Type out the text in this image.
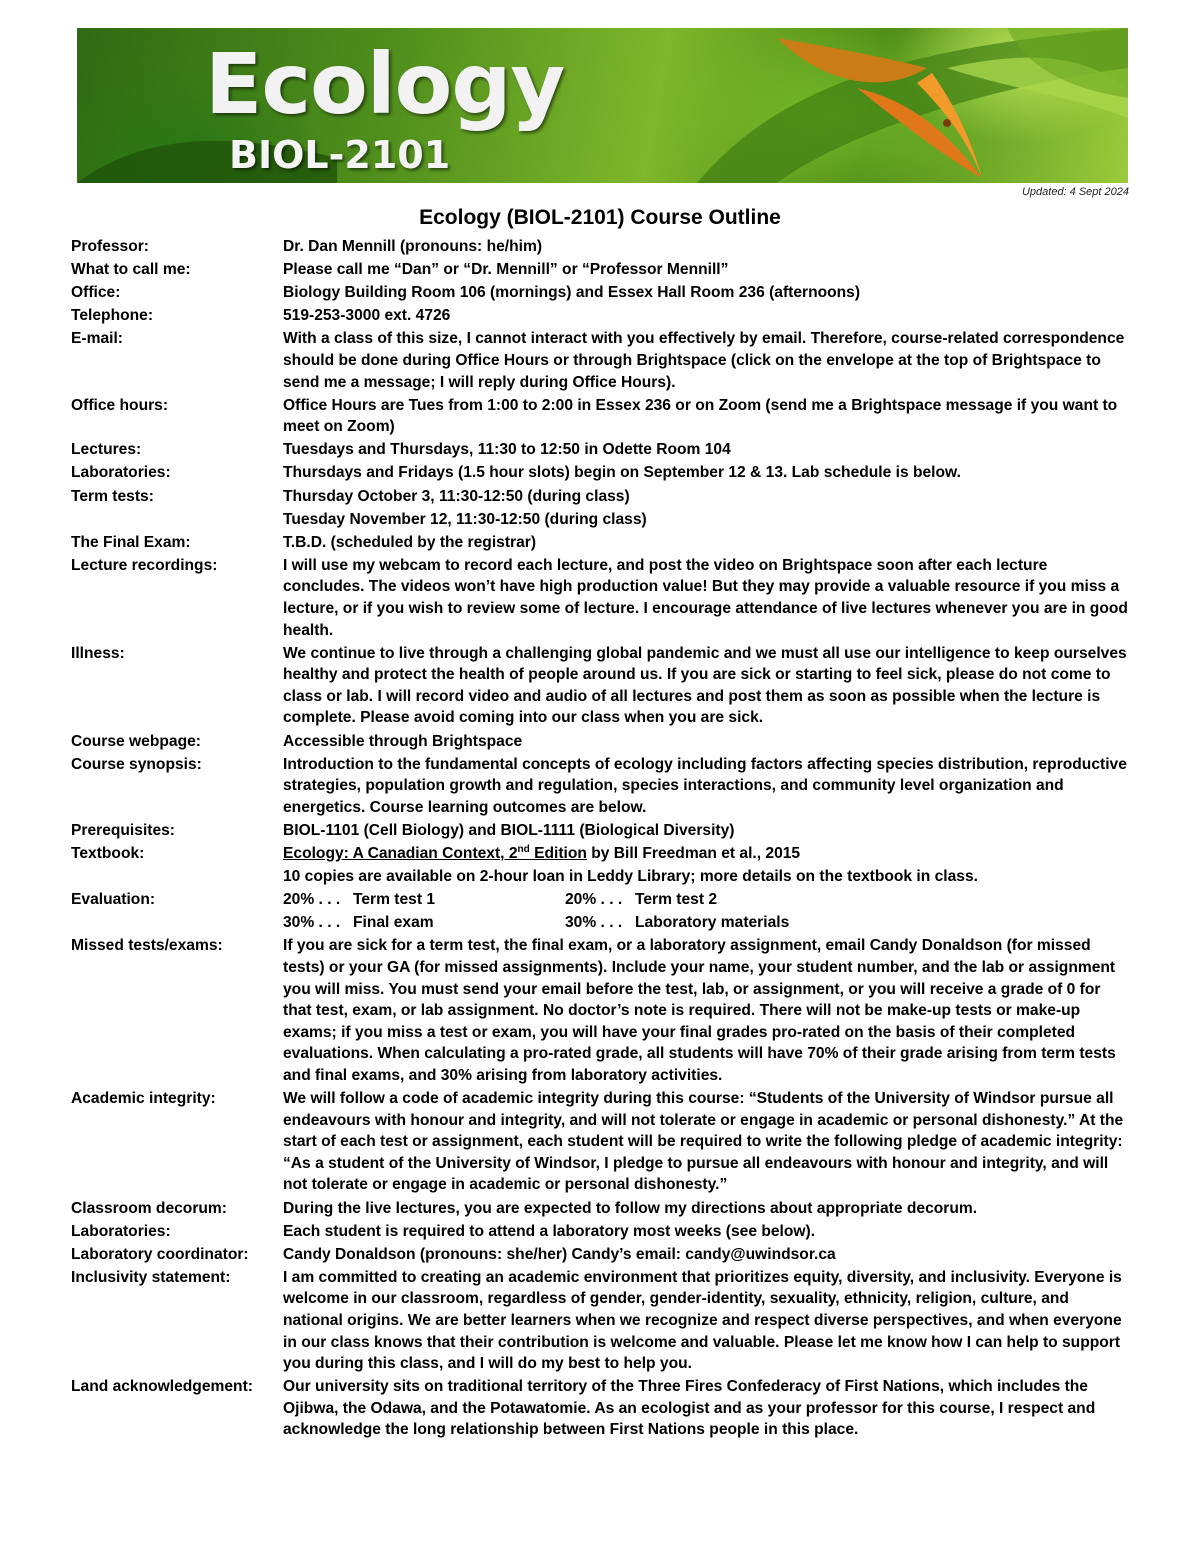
Ecology
BIOL-2101
Updated: 4 Sept 2024
Ecology (BIOL-2101) Course Outline
Professor:	Dr. Dan Mennill (pronouns: he/him)
What to call me:	Please call me “Dan” or “Dr. Mennill” or “Professor Mennill”
Office:	Biology Building Room 106 (mornings) and Essex Hall Room 236 (afternoons)
Telephone:	519-253-3000 ext. 4726
E-mail:	With a class of this size, I cannot interact with you effectively by email. Therefore, course-related correspondence should be done during Office Hours or through Brightspace (click on the envelope at the top of Brightspace to send me a message; I will reply during Office Hours).
Office hours:	Office Hours are Tues from 1:00 to 2:00 in Essex 236 or on Zoom (send me a Brightspace message if you want to meet on Zoom)
Lectures:	Tuesdays and Thursdays, 11:30 to 12:50 in Odette Room 104
Laboratories:	Thursdays and Fridays (1.5 hour slots) begin on September 12 & 13. Lab schedule is below.
Term tests:	Thursday October 3, 11:30-12:50 (during class)
Tuesday November 12, 11:30-12:50 (during class)
The Final Exam:	T.B.D. (scheduled by the registrar)
Lecture recordings:	I will use my webcam to record each lecture, and post the video on Brightspace soon after each lecture concludes. The videos won’t have high production value! But they may provide a valuable resource if you miss a lecture, or if you wish to review some of lecture. I encourage attendance of live lectures whenever you are in good health.
Illness:	We continue to live through a challenging global pandemic and we must all use our intelligence to keep ourselves healthy and protect the health of people around us. If you are sick or starting to feel sick, please do not come to class or lab. I will record video and audio of all lectures and post them as soon as possible when the lecture is complete. Please avoid coming into our class when you are sick.
Course webpage:	Accessible through Brightspace
Course synopsis:	Introduction to the fundamental concepts of ecology including factors affecting species distribution, reproductive strategies, population growth and regulation, species interactions, and community level organization and energetics. Course learning outcomes are below.
Prerequisites:	BIOL-1101 (Cell Biology) and BIOL-1111 (Biological Diversity)
Textbook:	Ecology: A Canadian Context, 2nd Edition by Bill Freedman et al., 2015
10 copies are available on 2-hour loan in Leddy Library; more details on the textbook in class.
Evaluation:	20% . . . Term test 1	20% . . . Term test 2
30% . . . Final exam	30% . . . Laboratory materials
Missed tests/exams:	If you are sick for a term test, the final exam, or a laboratory assignment, email Candy Donaldson (for missed tests) or your GA (for missed assignments). Include your name, your student number, and the lab or assignment you will miss. You must send your email before the test, lab, or assignment, or you will receive a grade of 0 for that test, exam, or lab assignment. No doctor’s note is required. There will not be make-up tests or make-up exams; if you miss a test or exam, you will have your final grades pro-rated on the basis of their completed evaluations. When calculating a pro-rated grade, all students will have 70% of their grade arising from term tests and final exams, and 30% arising from laboratory activities.
Academic integrity:	We will follow a code of academic integrity during this course: “Students of the University of Windsor pursue all endeavours with honour and integrity, and will not tolerate or engage in academic or personal dishonesty.” At the start of each test or assignment, each student will be required to write the following pledge of academic integrity: “As a student of the University of Windsor, I pledge to pursue all endeavours with honour and integrity, and will not tolerate or engage in academic or personal dishonesty.”
Classroom decorum:	During the live lectures, you are expected to follow my directions about appropriate decorum.
Laboratories:	Each student is required to attend a laboratory most weeks (see below).
Laboratory coordinator:	Candy Donaldson (pronouns: she/her) Candy’s email: candy@uwindsor.ca
Inclusivity statement:	I am committed to creating an academic environment that prioritizes equity, diversity, and inclusivity. Everyone is welcome in our classroom, regardless of gender, gender-identity, sexuality, ethnicity, religion, culture, and national origins. We are better learners when we recognize and respect diverse perspectives, and when everyone in our class knows that their contribution is welcome and valuable. Please let me know how I can help to support you during this class, and I will do my best to help you.
Land acknowledgement:	Our university sits on traditional territory of the Three Fires Confederacy of First Nations, which includes the Ojibwa, the Odawa, and the Potawatomie. As an ecologist and as your professor for this course, I respect and acknowledge the long relationship between First Nations people in this place.
